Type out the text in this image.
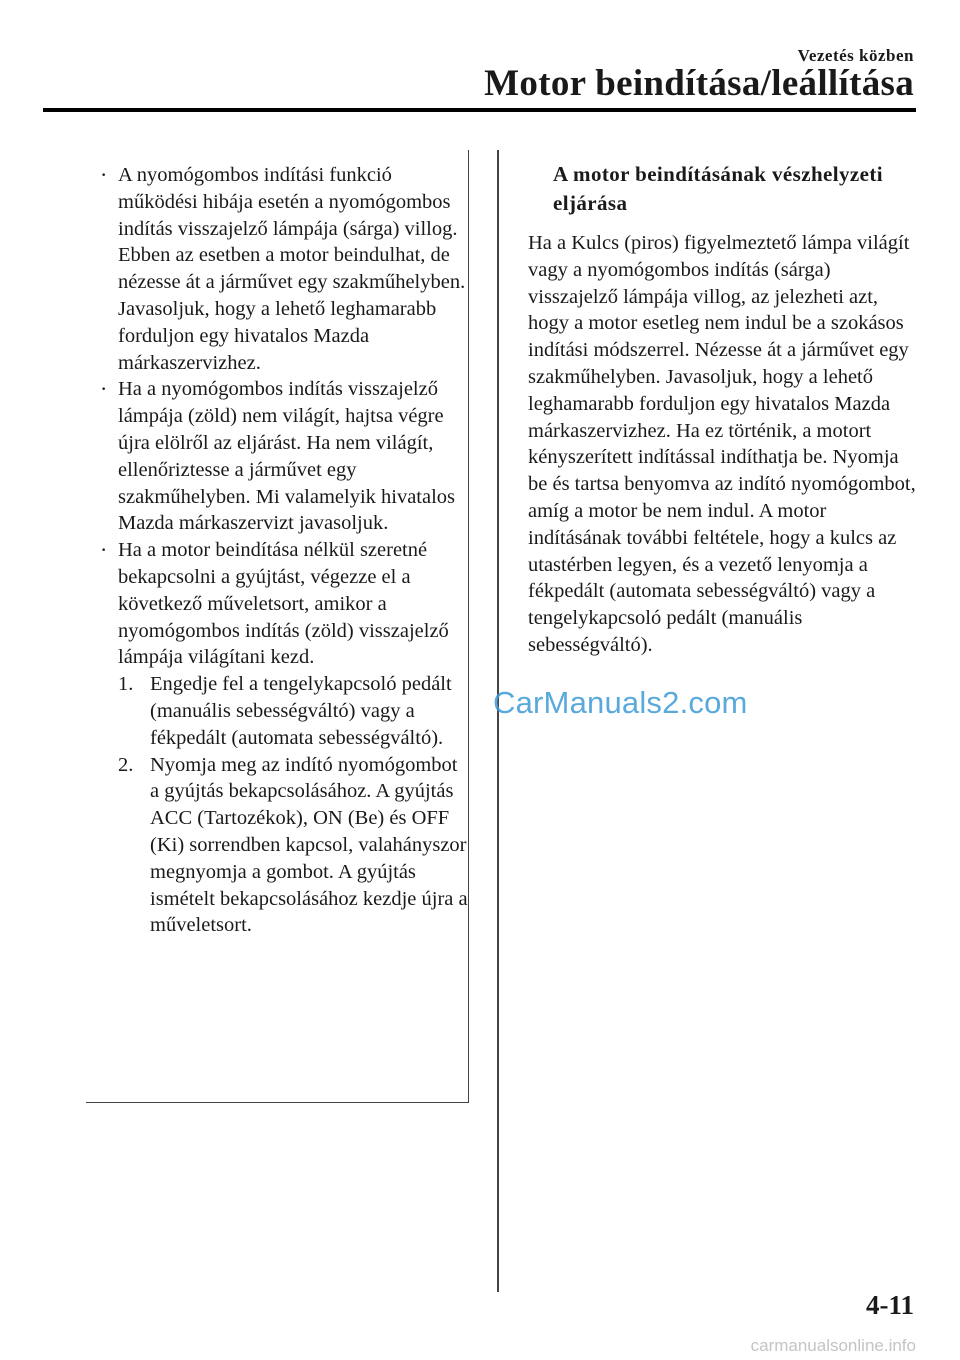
Vezetés közben
Motor beindítása/leállítása
· A nyomógombos indítási funkció működési hibája esetén a nyomógombos indítás visszajelző lámpája (sárga) villog. Ebben az esetben a motor beindulhat, de nézesse át a járművet egy szakműhelyben. Javasoljuk, hogy a lehető leghamarabb forduljon egy hivatalos Mazda márkaszervizhez.
· Ha a nyomógombos indítás visszajelző lámpája (zöld) nem világít, hajtsa végre újra elölről az eljárást. Ha nem világít, ellenőriztesse a járművet egy szakműhelyben. Mi valamelyik hivatalos Mazda márkaszervizt javasoljuk.
· Ha a motor beindítása nélkül szeretné bekapcsolni a gyújtást, végezze el a következő műveletsort, amikor a nyomógombos indítás (zöld) visszajelző lámpája világítani kezd.
1. Engedje fel a tengelykapcsoló pedált (manuális sebességváltó) vagy a fékpedált (automata sebességváltó).
2. Nyomja meg az indító nyomógombot a gyújtás bekapcsolásához. A gyújtás ACC (Tartozékok), ON (Be) és OFF (Ki) sorrendben kapcsol, valahányszor megnyomja a gombot. A gyújtás ismételt bekapcsolásához kezdje újra a műveletsort.
A motor beindításának vészhelyzeti eljárása
Ha a Kulcs (piros) figyelmeztető lámpa világít vagy a nyomógombos indítás (sárga) visszajelző lámpája villog, az jelezheti azt, hogy a motor esetleg nem indul be a szokásos indítási módszerrel. Nézesse át a járművet egy szakműhelyben. Javasoljuk, hogy a lehető leghamarabb forduljon egy hivatalos Mazda márkaszervizhez. Ha ez történik, a motort kényszerített indítással indíthatja be. Nyomja be és tartsa benyomva az indító nyomógombot, amíg a motor be nem indul. A motor indításának további feltétele, hogy a kulcs az utastérben legyen, és a vezető lenyomja a fékpedált (automata sebességváltó) vagy a tengelykapcsoló pedált (manuális sebességváltó).
CarManuals2.com
4-11
carmanualsonline.info
